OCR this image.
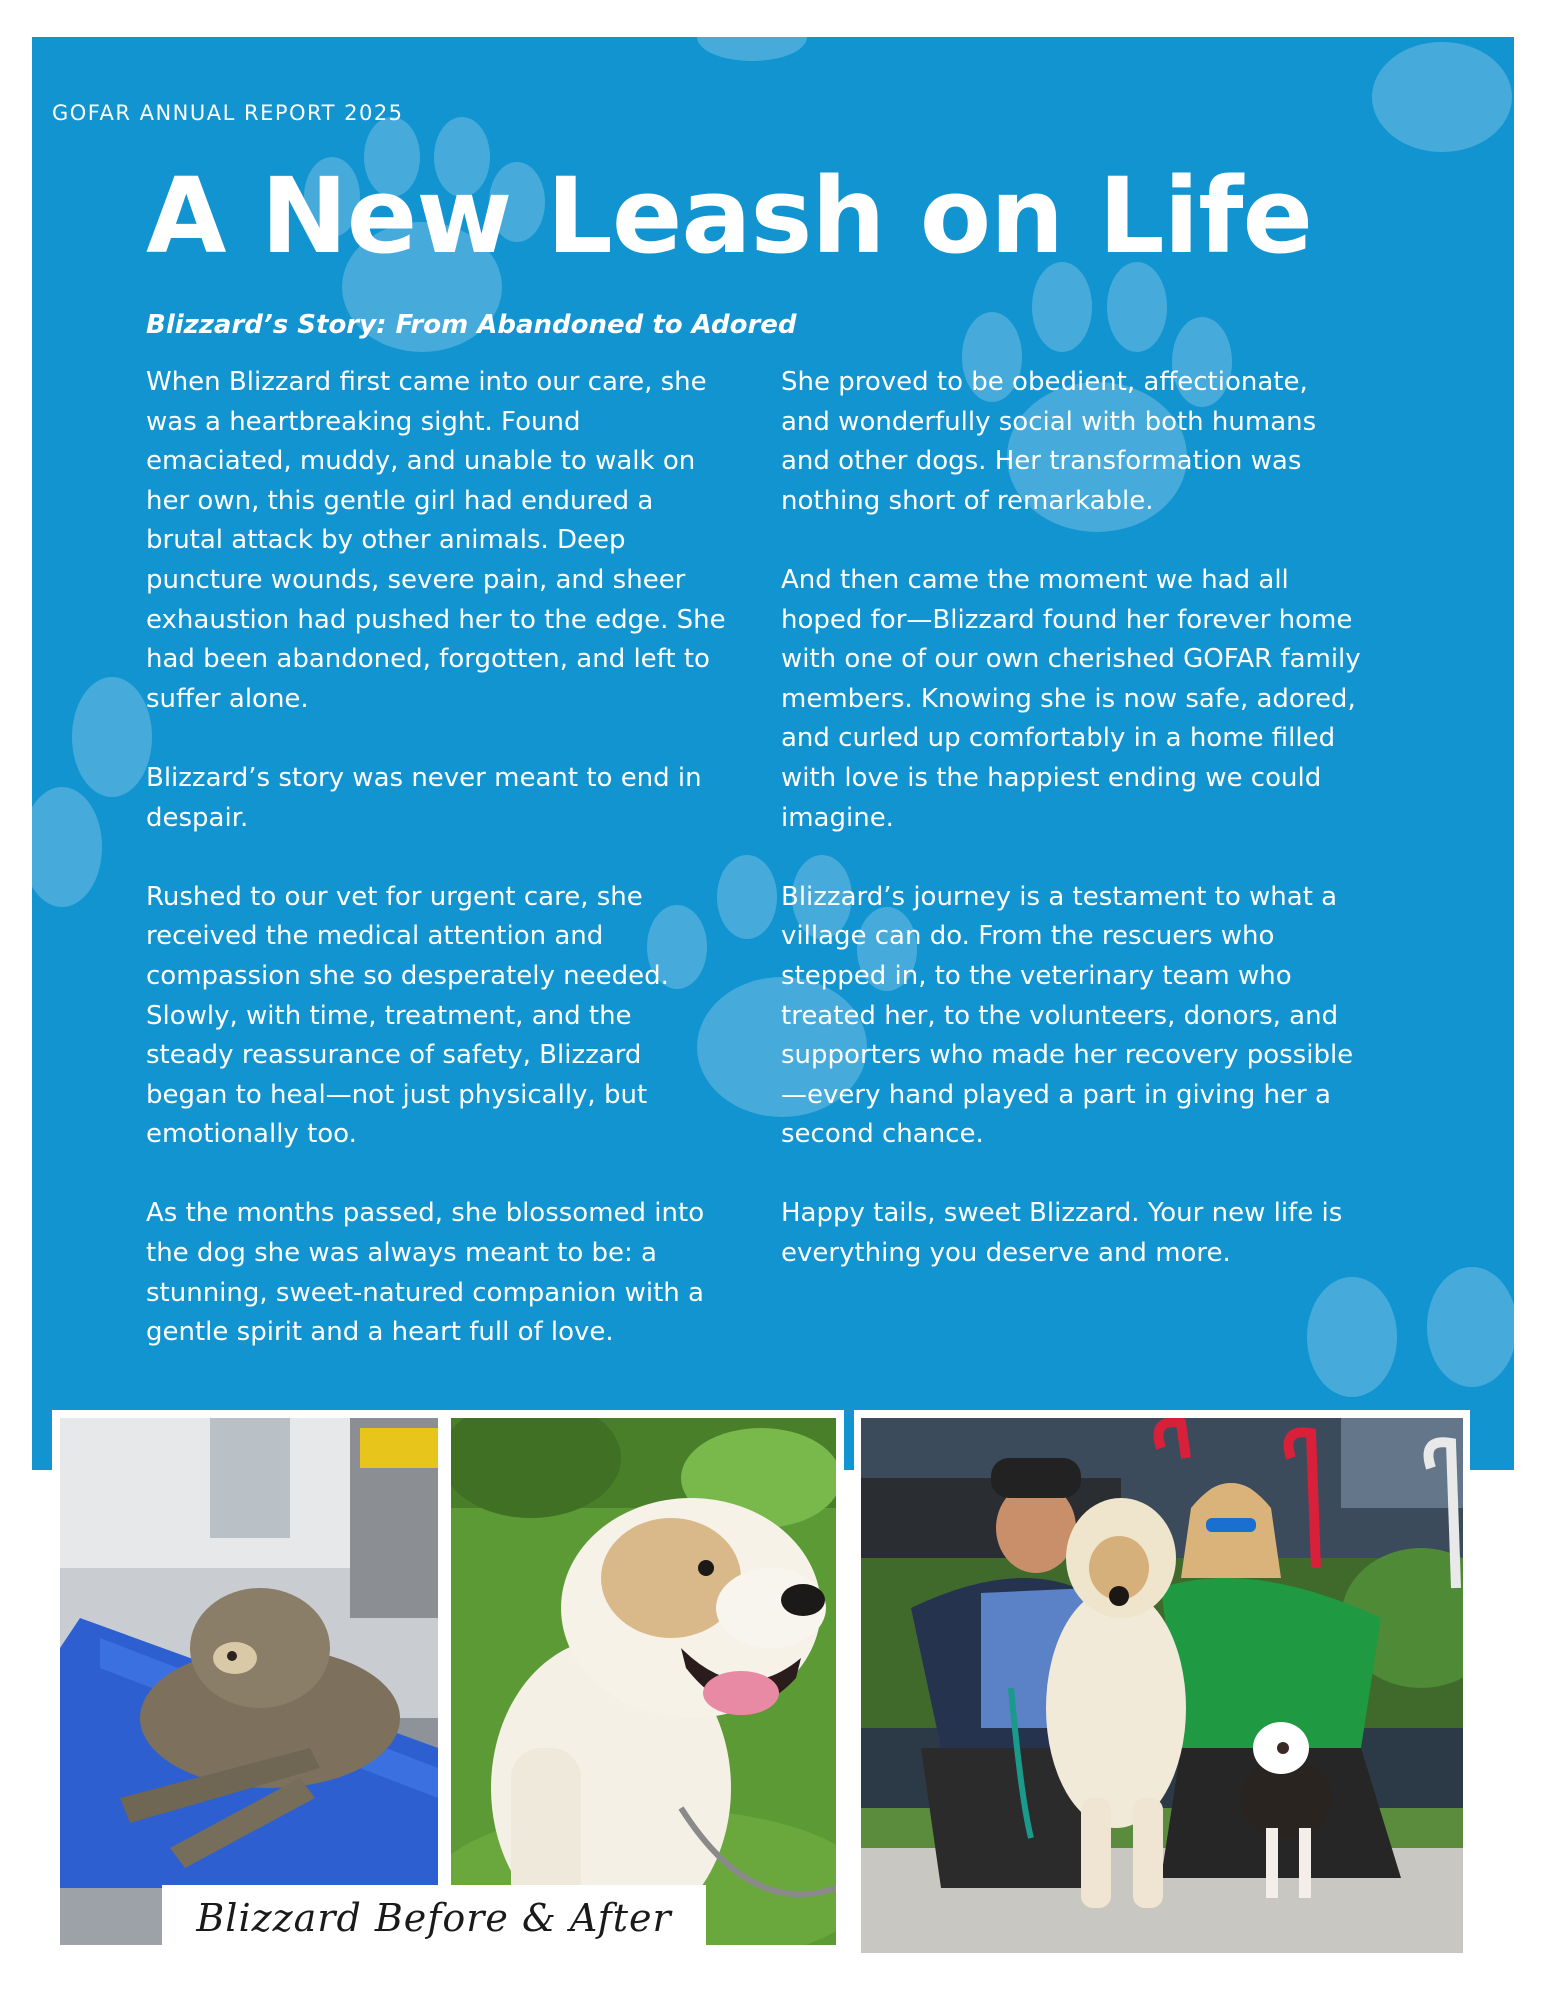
GOFAR ANNUAL REPORT 2025
A New Leash on Life
Blizzard’s Story: From Abandoned to Adored

When Blizzard first came into our care, she was a heartbreaking sight. Found emaciated, muddy, and unable to walk on her own, this gentle girl had endured a brutal attack by other animals. Deep puncture wounds, severe pain, and sheer exhaustion had pushed her to the edge. She had been abandoned, forgotten, and left to suffer alone.

Blizzard’s story was never meant to end in despair.

Rushed to our vet for urgent care, she received the medical attention and compassion she so desperately needed. Slowly, with time, treatment, and the steady reassurance of safety, Blizzard began to heal—not just physically, but emotionally too.

As the months passed, she blossomed into the dog she was always meant to be: a stunning, sweet-natured companion with a gentle spirit and a heart full of love.

She proved to be obedient, affectionate, and wonderfully social with both humans and other dogs. Her transformation was nothing short of remarkable.

And then came the moment we had all hoped for—Blizzard found her forever home with one of our own cherished GOFAR family members. Knowing she is now safe, adored, and curled up comfortably in a home filled with love is the happiest ending we could imagine.

Blizzard’s journey is a testament to what a village can do. From the rescuers who stepped in, to the veterinary team who treated her, to the volunteers, donors, and supporters who made her recovery possible—every hand played a part in giving her a second chance.

Happy tails, sweet Blizzard. Your new life is everything you deserve and more.

Blizzard Before & After
